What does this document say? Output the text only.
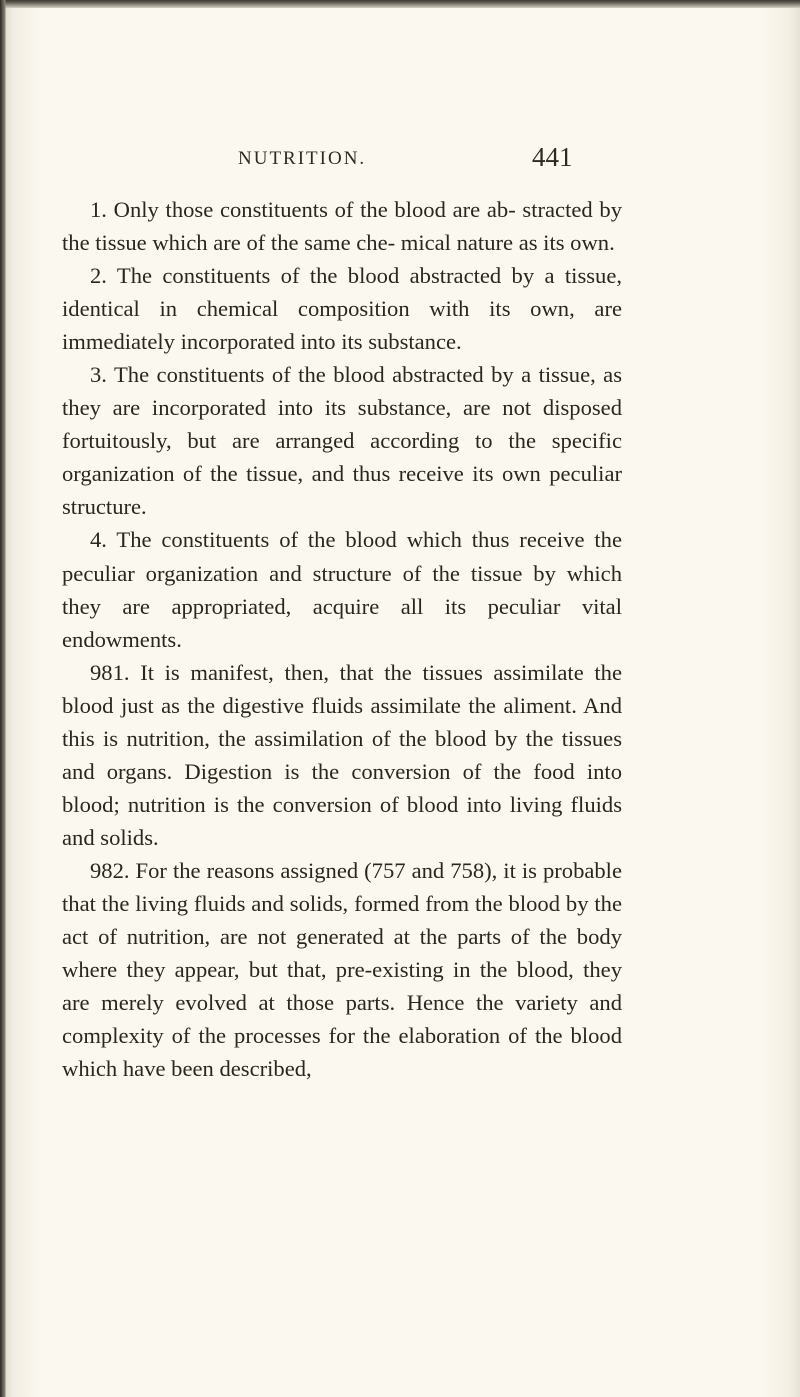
NUTRITION.	441

1. Only those constituents of the blood are ab- stracted by the tissue which are of the same che- mical nature as its own.

2. The constituents of the blood abstracted by a tissue, identical in chemical composition with its own, are immediately incorporated into its substance.

3. The constituents of the blood abstracted by a tissue, as they are incorporated into its substance, are not disposed fortuitously, but are arranged according to the specific organization of the tissue, and thus receive its own peculiar structure.

4. The constituents of the blood which thus receive the peculiar organization and structure of the tissue by which they are appropriated, acquire all its peculiar vital endowments.

981. It is manifest, then, that the tissues assimilate the blood just as the digestive fluids assimilate the aliment. And this is nutrition, the assimilation of the blood by the tissues and organs. Digestion is the conversion of the food into blood; nutrition is the conversion of blood into living fluids and solids.

982. For the reasons assigned (757 and 758), it is probable that the living fluids and solids, formed from the blood by the act of nutrition, are not generated at the parts of the body where they appear, but that, pre-existing in the blood, they are merely evolved at those parts. Hence the variety and complexity of the processes for the elaboration of the blood which have been described,
